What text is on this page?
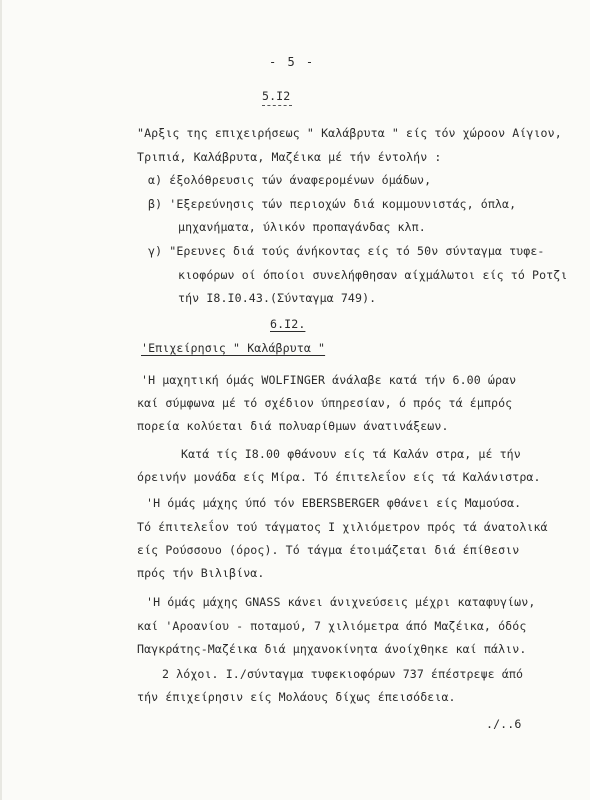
- 5 -
5.I2
"Αρξις της επιχειρήσεως " Καλάβρυτα " είς τόν χώροον Αίγιον,
Τριπιά, Καλάβρυτα, Μαζέικα μέ τήν έντολήν :
α) έξολόθρευσις τών άναφερομένων όμάδων,
β) 'Εξερεύνησις τών περιοχών διά κομμουνιστάς, όπλα,
μηχανήματα, ύλικόν προπαγάνδας κλπ.
γ) "Ερευνες διά τούς άνήκοντας είς τό 50ν σύνταγμα τυφε-
κιοφόρων οί όποίοι συνελήφθησαν αίχμάλωτοι είς τό Ροτζι
τήν Ι8.Ι0.43.(Σύνταγμα 749).
6.Ι2.
'Επιχείρησις " Καλάβρυτα "
'Η μαχητική όμάς WOLFINGER άνάλαβε κατά τήν 6.00 ώραν
καί σύμφωνα μέ τό σχέδιον ύπηρεσίαν, ό πρός τά έμπρός
πορεία κολύεται διά πολυαρίθμων άνατινάξεων.
Κατά τίς Ι8.00 φθάνουν είς τά Καλάν στρα, μέ τήν
όρεινήν μονάδα είς Μίρα. Τό έπιτελεΐον είς τά Καλάνιστρα.
'Η όμάς μάχης ύπό τόν EBERSBERGER φθάνει είς Μαμούσα.
Τό έπιτελεΐον τού τάγματος Ι χιλιόμετρον πρός τά άνατολικά
είς Ρούσσουο (όρος). Τό τάγμα έτοιμάζεται διά έπίθεσιν
πρός τήν Βιλιβίνα.
'Η όμάς μάχης GNASS κάνει άνιχνεύσεις μέχρι καταφυγίων,
καί 'Αροανίου - ποταμού, 7 χιλιόμετρα άπό Μαζέικα, όδός
Παγκράτης-Μαζέικα διά μηχανοκίνητα άνοίχθηκε καί πάλιν.
2 λόχοι. Ι./σύνταγμα τυφεκιοφόρων 737 έπέστρεψε άπό
τήν έπιχείρησιν είς Μολάους δίχως έπεισόδεια.
./..6
